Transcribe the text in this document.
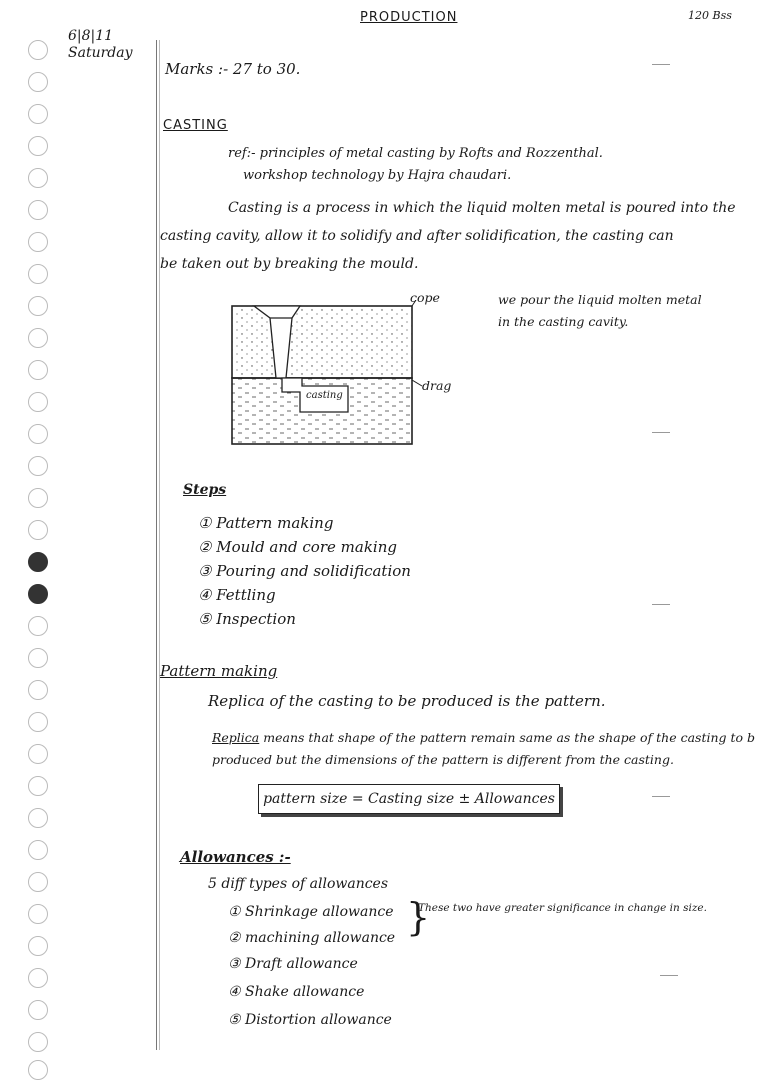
6|8|11
Saturday
PRODUCTION	120 Bss
Marks :- 27 to 30.
CASTING
ref:- principles of metal casting by Rofts and Rozzenthal.
workshop technology by Hajra chaudari.
Casting is a process in which the liquid molten metal is poured into the
casting cavity, allow it to solidify and after solidification, the casting can
be taken out by breaking the mould.
cope
drag
casting
we pour the liquid molten metal
in the casting cavity.
Steps
① Pattern making
② Mould and core making
③ Pouring and solidification
④ Fettling
⑤ Inspection
Pattern making
Replica of the casting to be produced is the pattern.
Replica means that shape of the pattern remain same as the shape of the casting to b
produced but the dimensions of the pattern is different from the casting.
pattern size = Casting size ± Allowances
Allowances :-
5 diff types of allowances
① Shrinkage allowance
② machining allowance
③ Draft allowance
④ Shake allowance
⑤ Distortion allowance
}
These two have greater significance in change in size.
